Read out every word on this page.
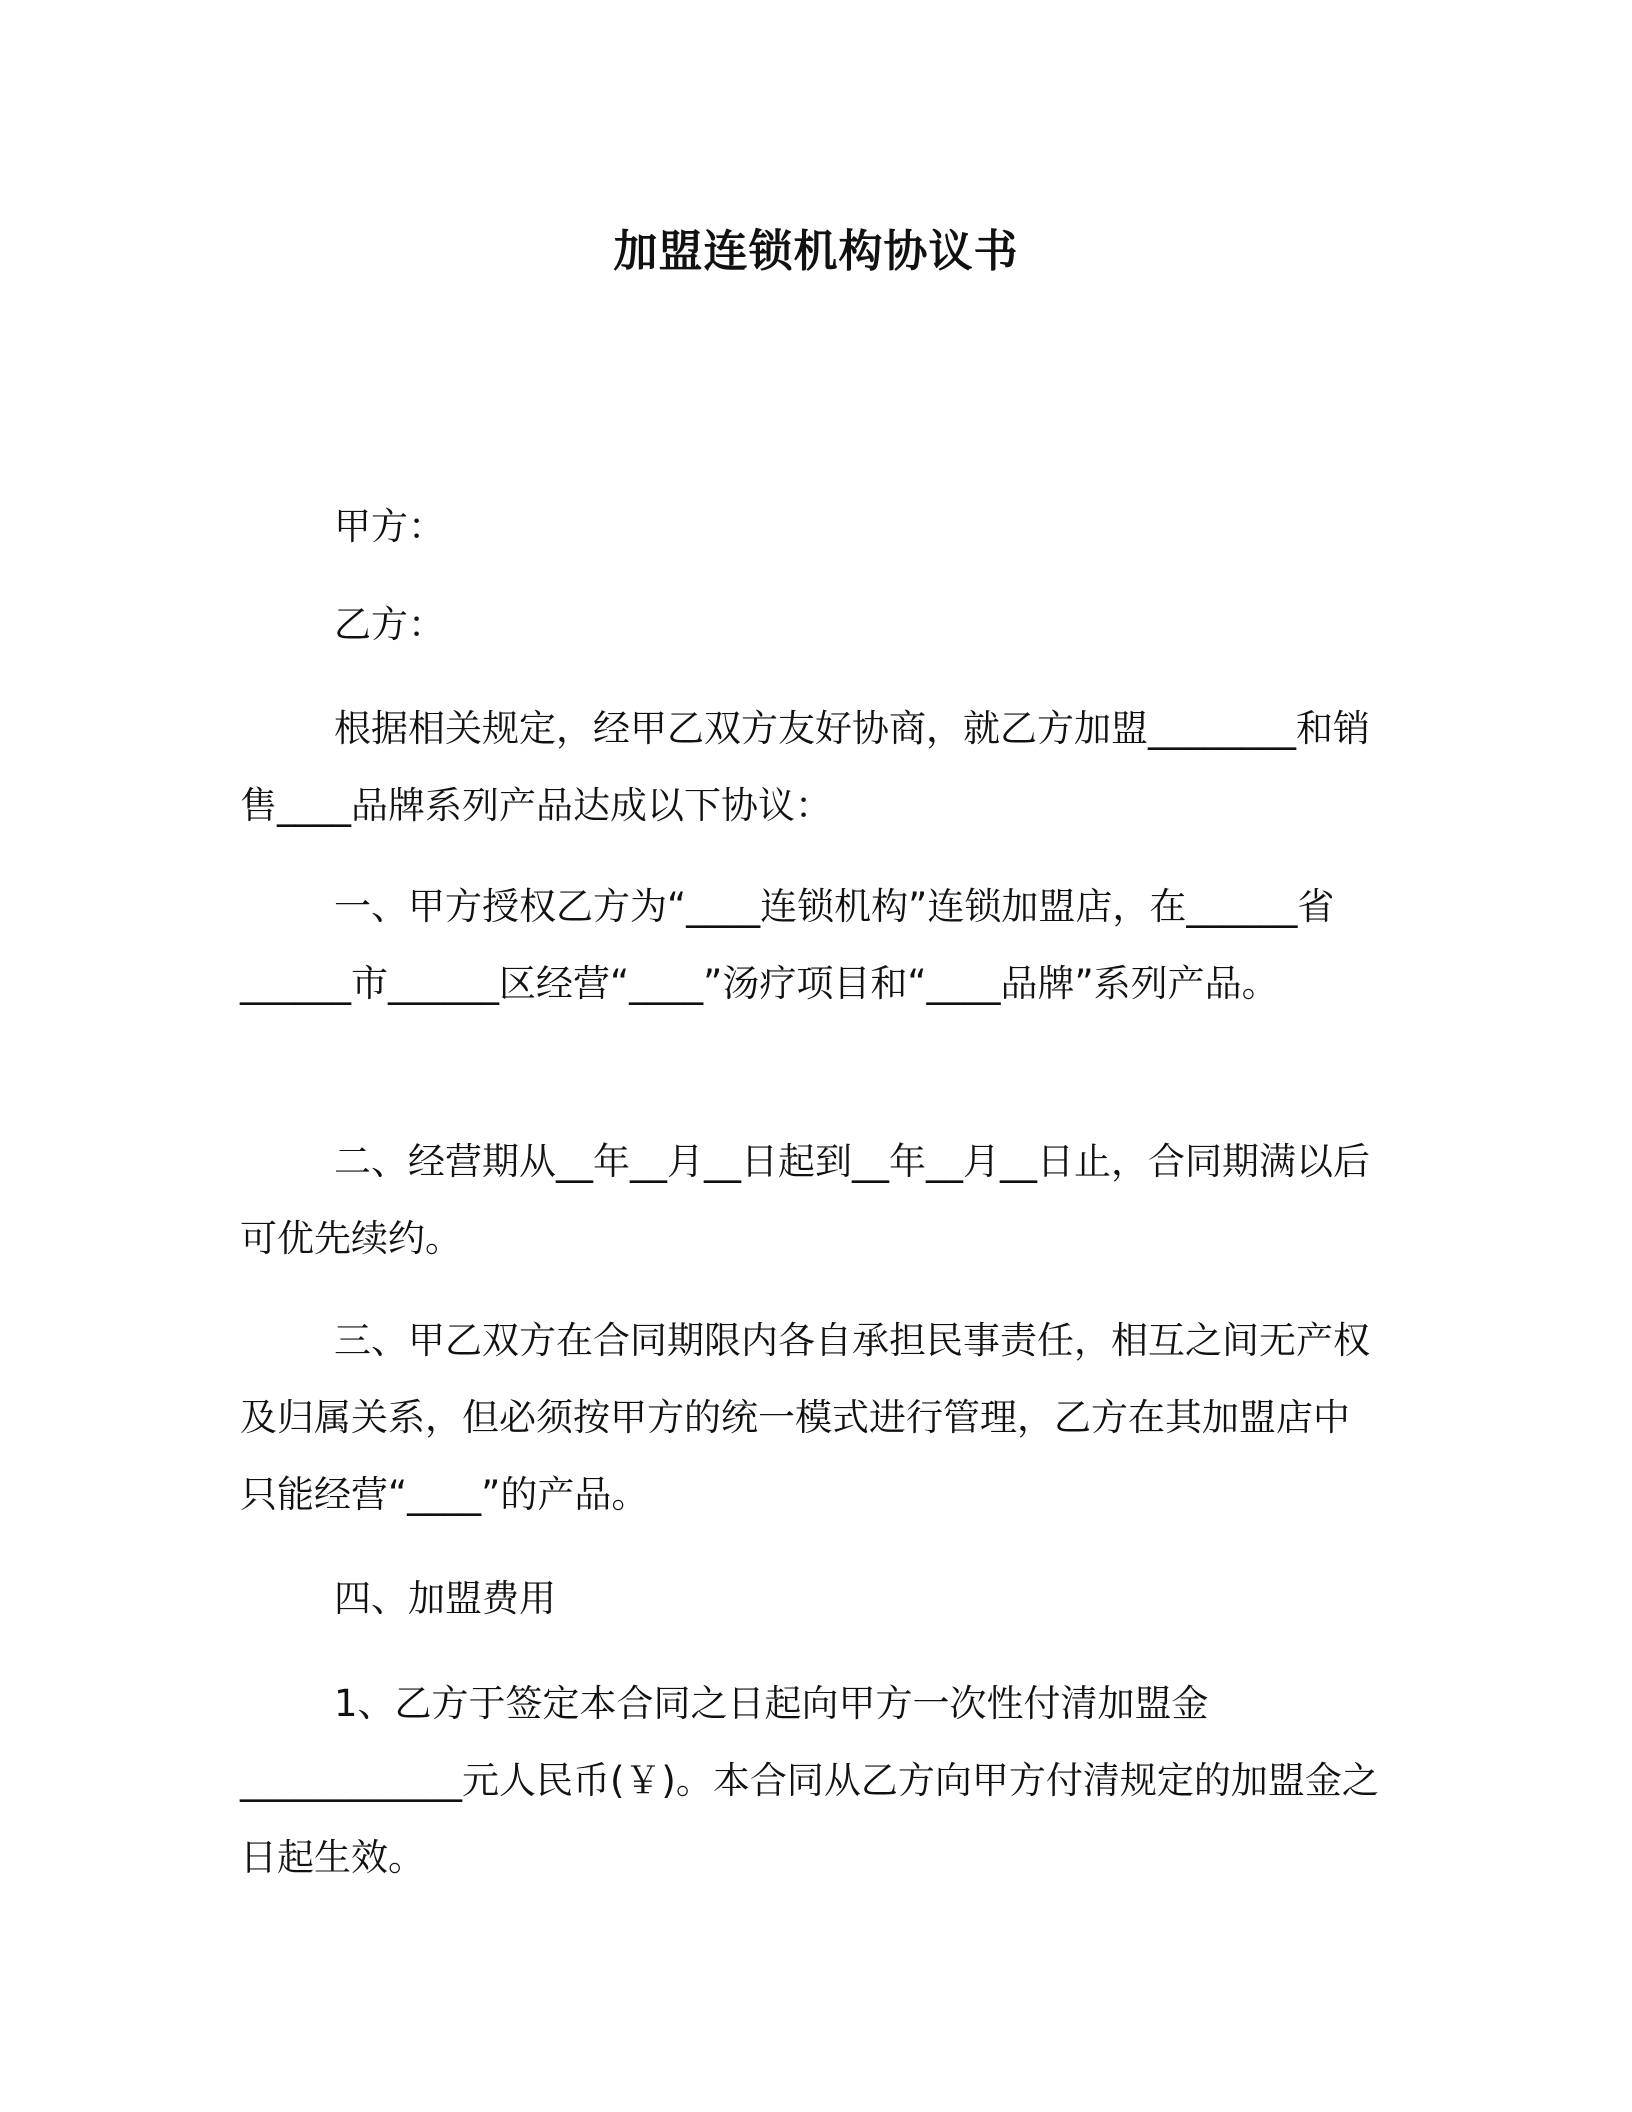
加盟连锁机构协议书

甲方：

乙方：

根据相关规定，经甲乙双方友好协商，就乙方加盟________和销售____品牌系列产品达成以下协议：

一、甲方授权乙方为“____连锁机构”连锁加盟店，在______省______市______区经营“____”汤疗项目和“____品牌”系列产品。

二、经营期从__年__月__日起到__年__月__日止，合同期满以后可优先续约。

三、甲乙双方在合同期限内各自承担民事责任，相互之间无产权及归属关系，但必须按甲方的统一模式进行管理，乙方在其加盟店中只能经营“____”的产品。

四、加盟费用

1、乙方于签定本合同之日起向甲方一次性付清加盟金____________元人民币(￥)。本合同从乙方向甲方付清规定的加盟金之日起生效。
